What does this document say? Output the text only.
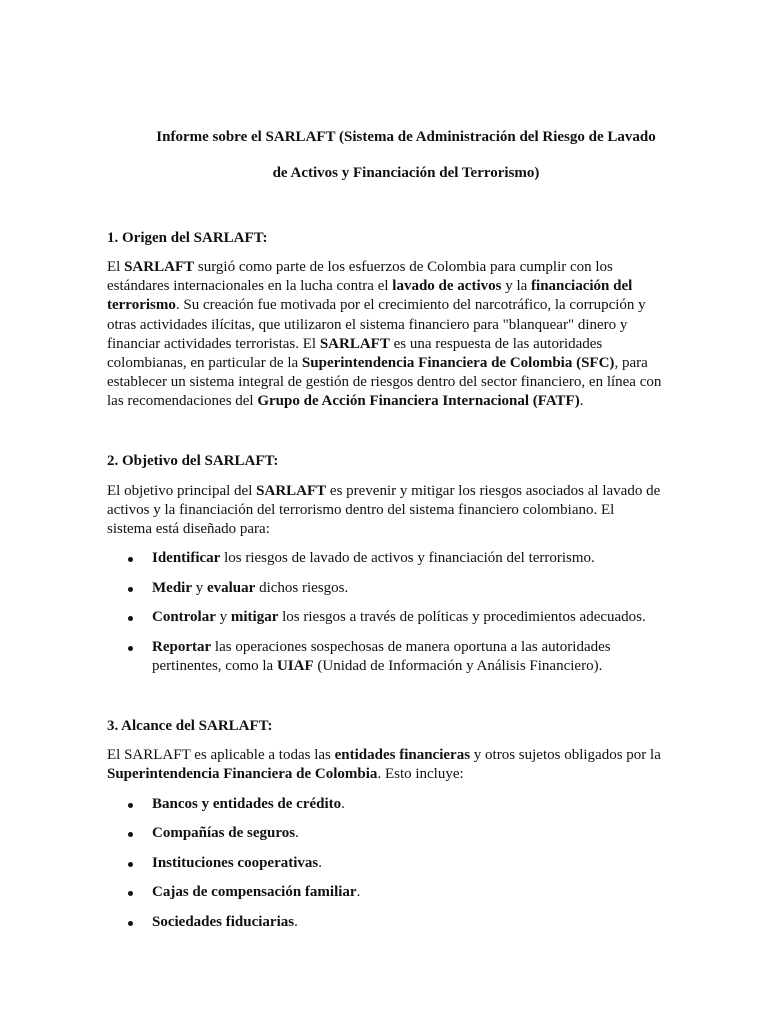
Informe sobre el SARLAFT (Sistema de Administración del Riesgo de Lavado

de Activos y Financiación del Terrorismo)

1. Origen del SARLAFT:

El SARLAFT surgió como parte de los esfuerzos de Colombia para cumplir con los estándares internacionales en la lucha contra el lavado de activos y la financiación del terrorismo. Su creación fue motivada por el crecimiento del narcotráfico, la corrupción y otras actividades ilícitas, que utilizaron el sistema financiero para "blanquear" dinero y financiar actividades terroristas. El SARLAFT es una respuesta de las autoridades colombianas, en particular de la Superintendencia Financiera de Colombia (SFC), para establecer un sistema integral de gestión de riesgos dentro del sector financiero, en línea con las recomendaciones del Grupo de Acción Financiera Internacional (FATF).

2. Objetivo del SARLAFT:

El objetivo principal del SARLAFT es prevenir y mitigar los riesgos asociados al lavado de activos y la financiación del terrorismo dentro del sistema financiero colombiano. El sistema está diseñado para:

Identificar los riesgos de lavado de activos y financiación del terrorismo.
Medir y evaluar dichos riesgos.
Controlar y mitigar los riesgos a través de políticas y procedimientos adecuados.
Reportar las operaciones sospechosas de manera oportuna a las autoridades pertinentes, como la UIAF (Unidad de Información y Análisis Financiero).

3. Alcance del SARLAFT:

El SARLAFT es aplicable a todas las entidades financieras y otros sujetos obligados por la Superintendencia Financiera de Colombia. Esto incluye:

Bancos y entidades de crédito.
Compañías de seguros.
Instituciones cooperativas.
Cajas de compensación familiar.
Sociedades fiduciarias.
